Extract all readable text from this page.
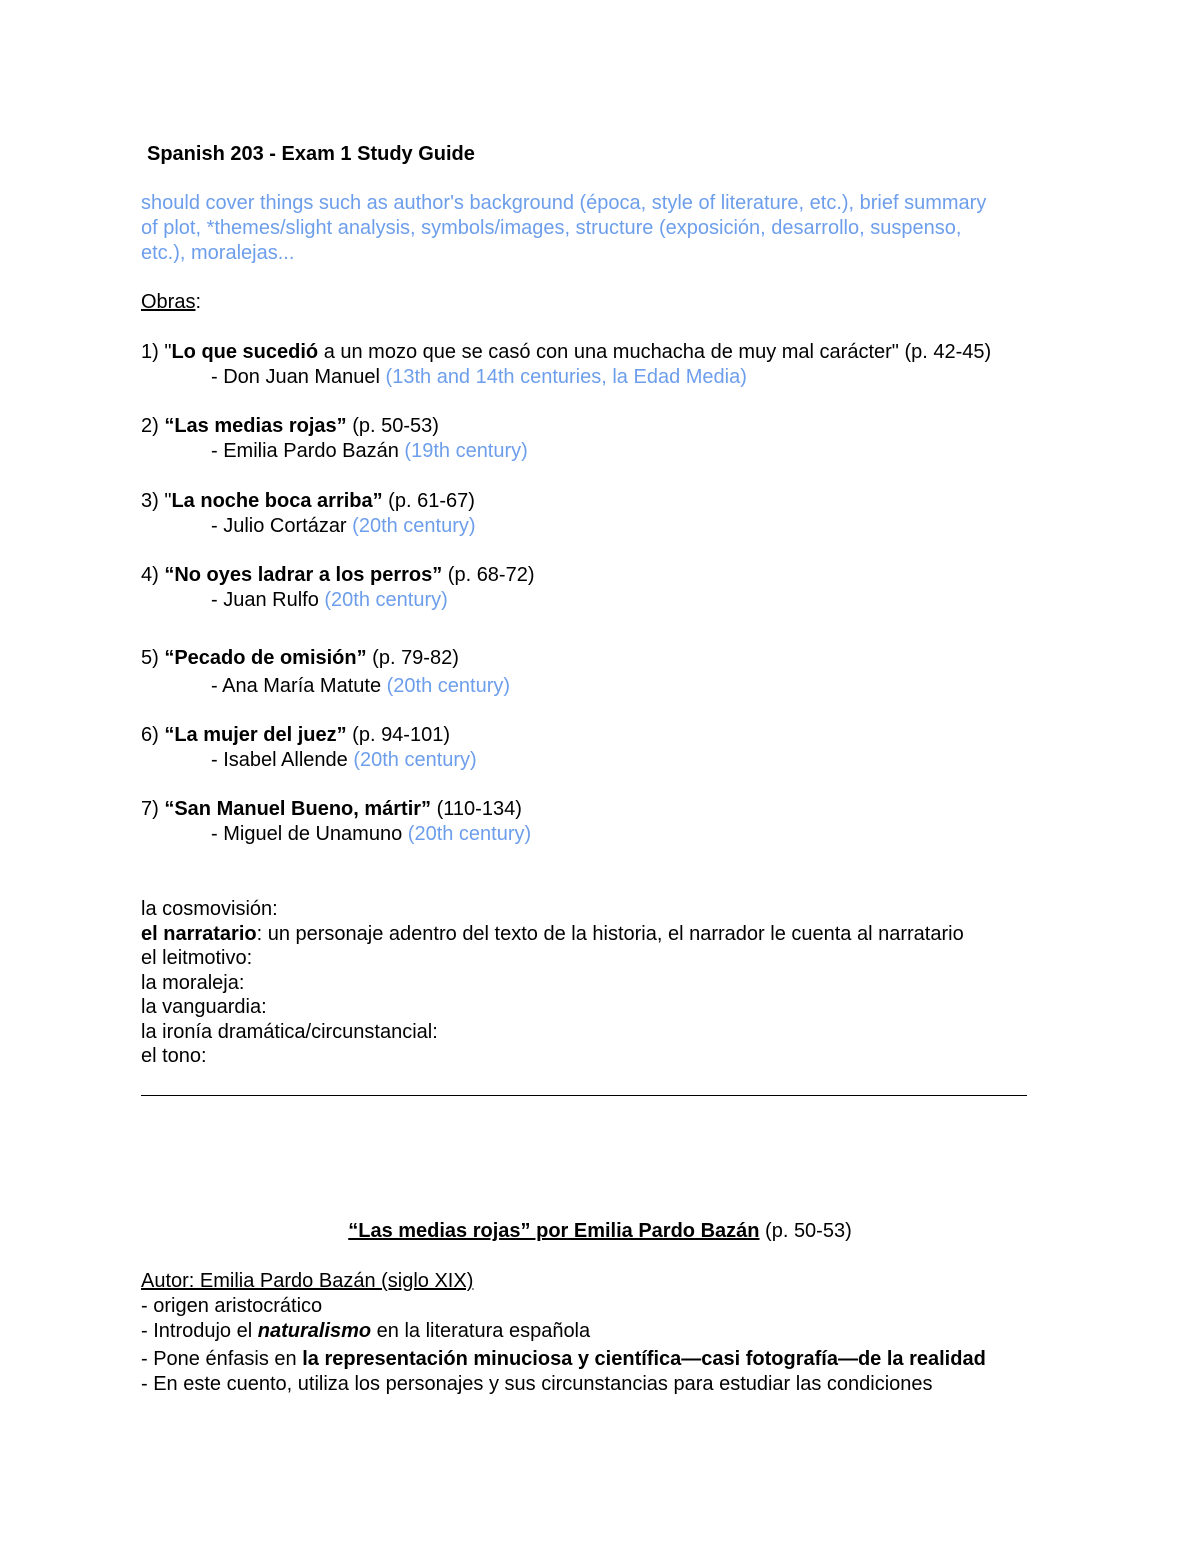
Spanish 203 - Exam 1 Study Guide
should cover things such as author's background (época, style of literature, etc.), brief summary
of plot, *themes/slight analysis, symbols/images, structure (exposición, desarrollo, suspenso,
etc.), moralejas...
Obras:
1) "Lo que sucedió a un mozo que se casó con una muchacha de muy mal carácter" (p. 42-45)
- Don Juan Manuel (13th and 14th centuries, la Edad Media)
2) “Las medias rojas” (p. 50-53)
- Emilia Pardo Bazán (19th century)
3) "La noche boca arriba” (p. 61-67)
- Julio Cortázar (20th century)
4) “No oyes ladrar a los perros” (p. 68-72)
- Juan Rulfo (20th century)
5) “Pecado de omisión” (p. 79-82)
- Ana María Matute (20th century)
6) “La mujer del juez” (p. 94-101)
- Isabel Allende (20th century)
7) “San Manuel Bueno, mártir” (110-134)
- Miguel de Unamuno (20th century)
la cosmovisión:
el narratario: un personaje adentro del texto de la historia, el narrador le cuenta al narratario
el leitmotivo:
la moraleja:
la vanguardia:
la ironía dramática/circunstancial:
el tono:
“Las medias rojas” por Emilia Pardo Bazán (p. 50-53)
Autor: Emilia Pardo Bazán (siglo XIX)
- origen aristocrático
- Introdujo el naturalismo en la literatura española
- Pone énfasis en la representación minuciosa y científica—casi fotografía—de la realidad
- En este cuento, utiliza los personajes y sus circunstancias para estudiar las condiciones
